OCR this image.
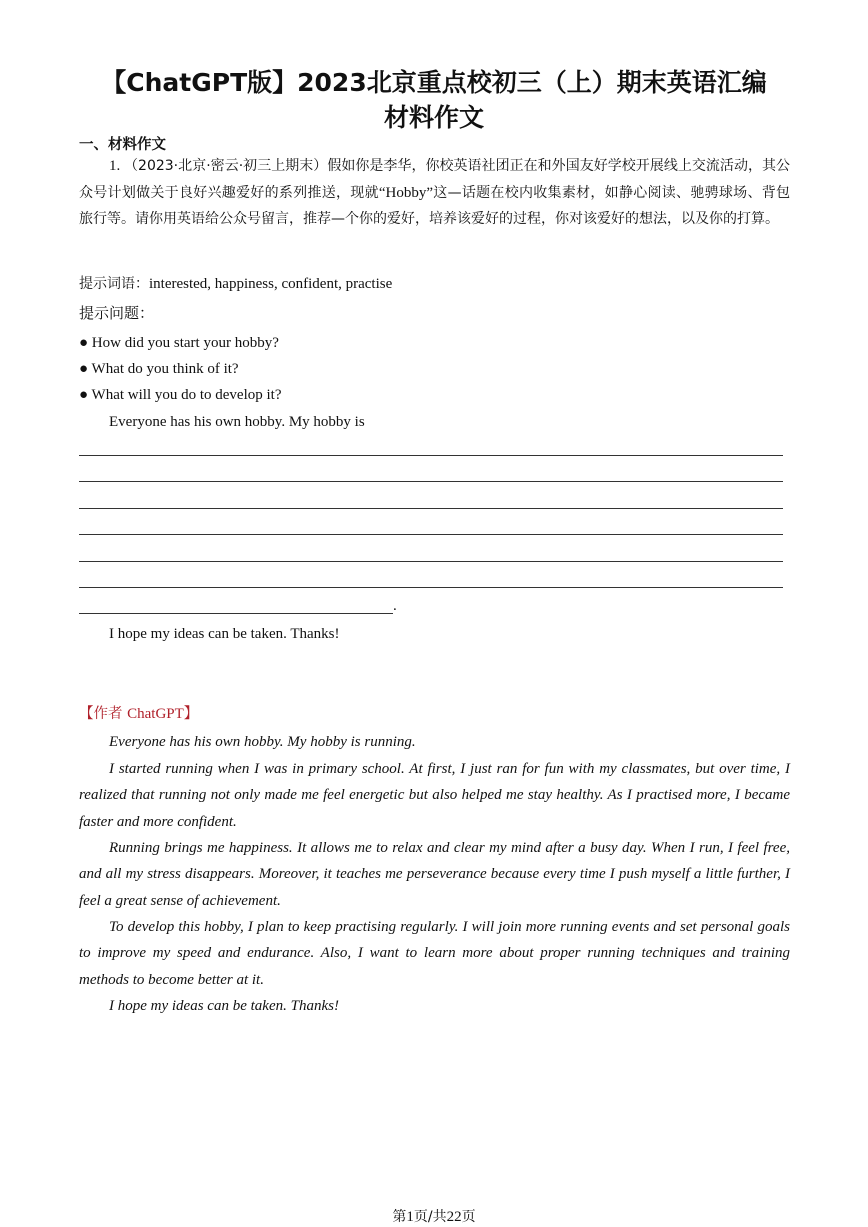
【ChatGPT版】2023北京重点校初三（上）期末英语汇编
材料作文
一、材料作文

1. （2023·北京·密云·初三上期末）假如你是李华，你校英语社团正在和外国友好学校开展线上交流活动，其公众号计划做关于良好兴趣爱好的系列推送，现就“Hobby”这—话题在校内收集素材，如静心阅读、驰骋球场、背包旅行等。请你用英语给公众号留言，推荐—个你的爱好，培养该爱好的过程，你对该爱好的想法，以及你的打算。

提示词语：interested, happiness, confident, practise

提示问题：

● How did you start your hobby?

● What do you think of it?

● What will you do to develop it?

Everyone has his own hobby. My hobby is

.

I hope my ideas can be taken. Thanks!

【作者 ChatGPT】

Everyone has his own hobby. My hobby is running.

I started running when I was in primary school. At first, I just ran for fun with my classmates, but over time, I realized that running not only made me feel energetic but also helped me stay healthy. As I practised more, I became faster and more confident.

Running brings me happiness. It allows me to relax and clear my mind after a busy day. When I run, I feel free, and all my stress disappears. Moreover, it teaches me perseverance because every time I push myself a little further, I feel a great sense of achievement.

To develop this hobby, I plan to keep practising regularly. I will join more running events and set personal goals to improve my speed and endurance. Also, I want to learn more about proper running techniques and training methods to become better at it.

I hope my ideas can be taken. Thanks!

第1页/共22页
